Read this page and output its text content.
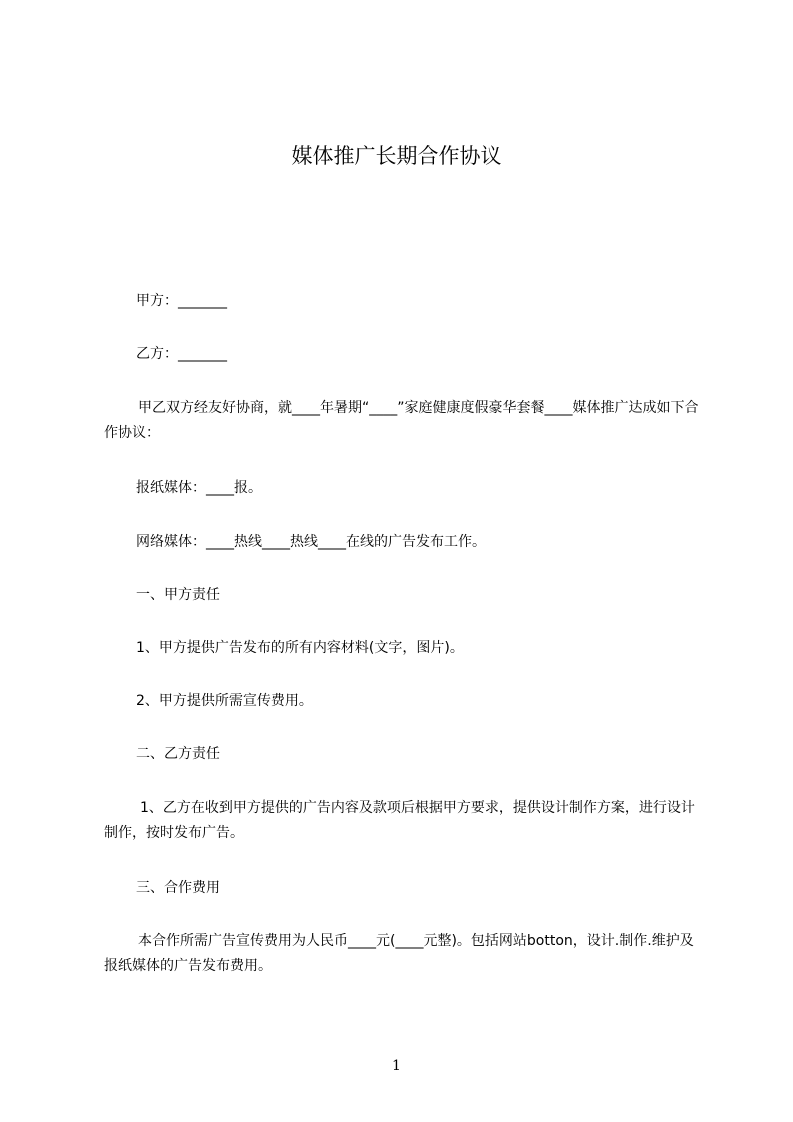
媒体推广长期合作协议
甲方：_______
乙方：_______
甲乙双方经友好协商，就____年暑期“____”家庭健康度假豪华套餐____媒体推广达成如下合作协议：
报纸媒体：____报。
网络媒体：____热线____热线____在线的广告发布工作。
一、甲方责任
1、甲方提供广告发布的所有内容材料(文字，图片)。
2、甲方提供所需宣传费用。
二、乙方责任
1、乙方在收到甲方提供的广告内容及款项后根据甲方要求，提供设计制作方案，进行设计制作，按时发布广告。
三、合作费用
本合作所需广告宣传费用为人民币____元(____元整)。包括网站botton，设计.制作.维护及报纸媒体的广告发布费用。
1
